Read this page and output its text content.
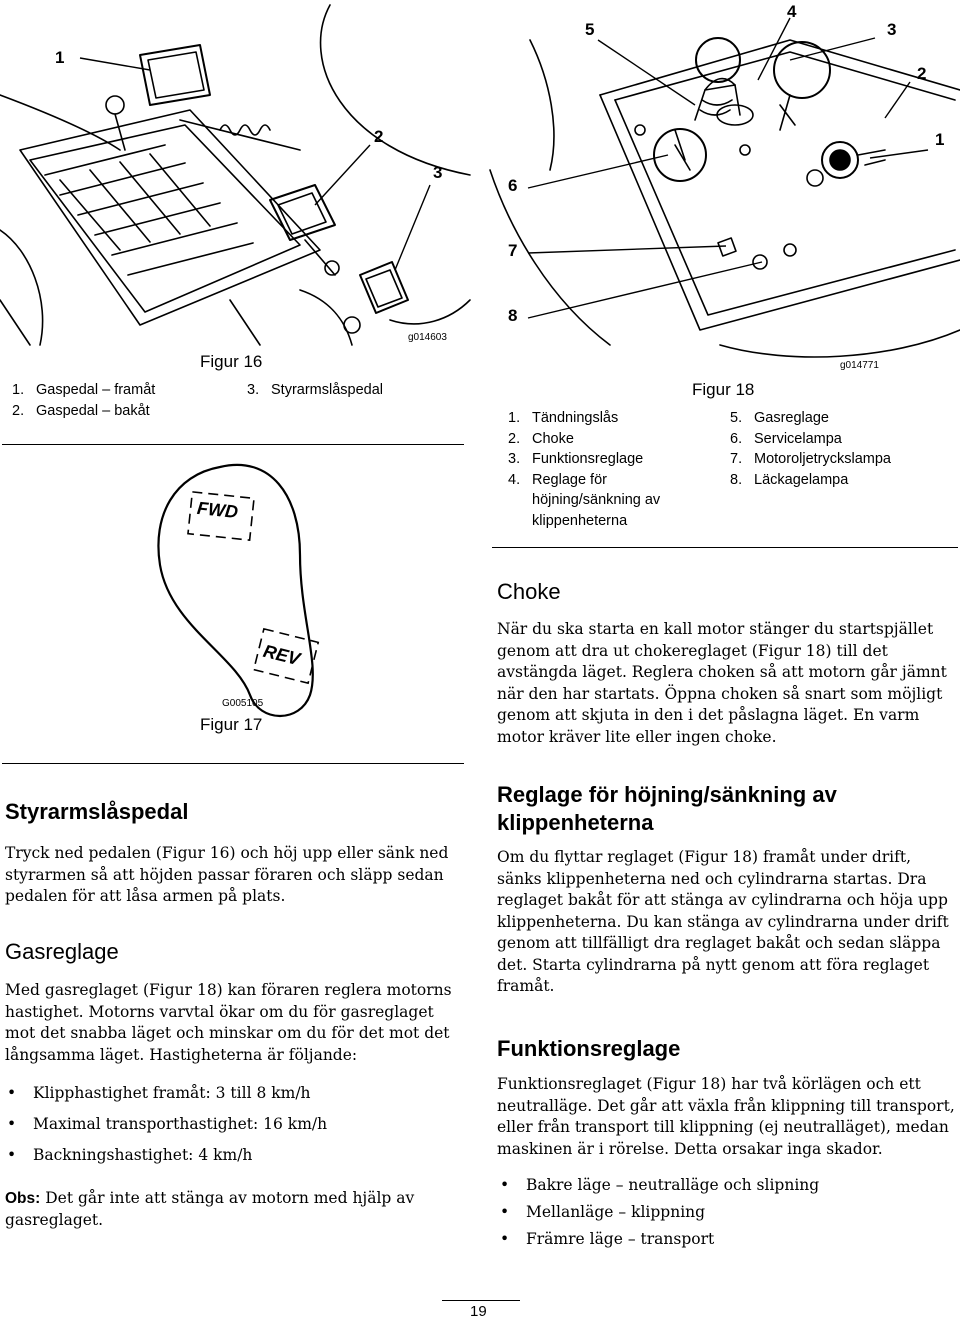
1
2
3
g014603
Figur 16
1. Gaspedal – framåt
2. Gaspedal – bakåt
3. Styrarmslåspedal
5
4
3
2
1
6
7
8
g014771
Figur 18
1. Tändningslås
2. Choke
3. Funktionsreglage
4. Reglage för höjning/sänkning av klippenheterna
5. Gasreglage
6. Servicelampa
7. Motoroljetryckslampa
8. Läckagelampa
FWD
REV
G005105
Figur 17
Choke

När du ska starta en kall motor stänger du startspjället genom att dra ut chokereglaget (Figur 18) till det avstängda läget. Reglera choken så att motorn går jämnt när den har startats. Öppna choken så snart som möjligt genom att skjuta in den i det påslagna läget. En varm motor kräver lite eller ingen choke.

Reglage för höjning/sänkning av klippenheterna

Om du flyttar reglaget (Figur 18) framåt under drift, sänks klippenheterna ned och cylindrarna startas. Dra reglaget bakåt för att stänga av cylindrarna och höja upp klippenheterna. Du kan stänga av cylindrarna under drift genom att tillfälligt dra reglaget bakåt och sedan släppa det. Starta cylindrarna på nytt genom att föra reglaget framåt.

Funktionsreglage

Funktionsreglaget (Figur 18) har två körlägen och ett neutralläge. Det går att växla från klippning till transport, eller från transport till klippning (ej neutralläget), medan maskinen är i rörelse. Detta orsakar inga skador.

• Bakre läge – neutralläge och slipning
• Mellanläge – klippning
• Främre läge – transport
Styrarmslåspedal

Tryck ned pedalen (Figur 16) och höj upp eller sänk ned styrarmen så att höjden passar föraren och släpp sedan pedalen för att låsa armen på plats.

Gasreglage

Med gasreglaget (Figur 18) kan föraren reglera motorns hastighet. Motorns varvtal ökar om du för gasreglaget mot det snabba läget och minskar om du för det mot det långsamma läget. Hastigheterna är följande:

• Klipphastighet framåt: 3 till 8 km/h
• Maximal transporthastighet: 16 km/h
• Backningshastighet: 4 km/h

Obs: Det går inte att stänga av motorn med hjälp av gasreglaget.

19
